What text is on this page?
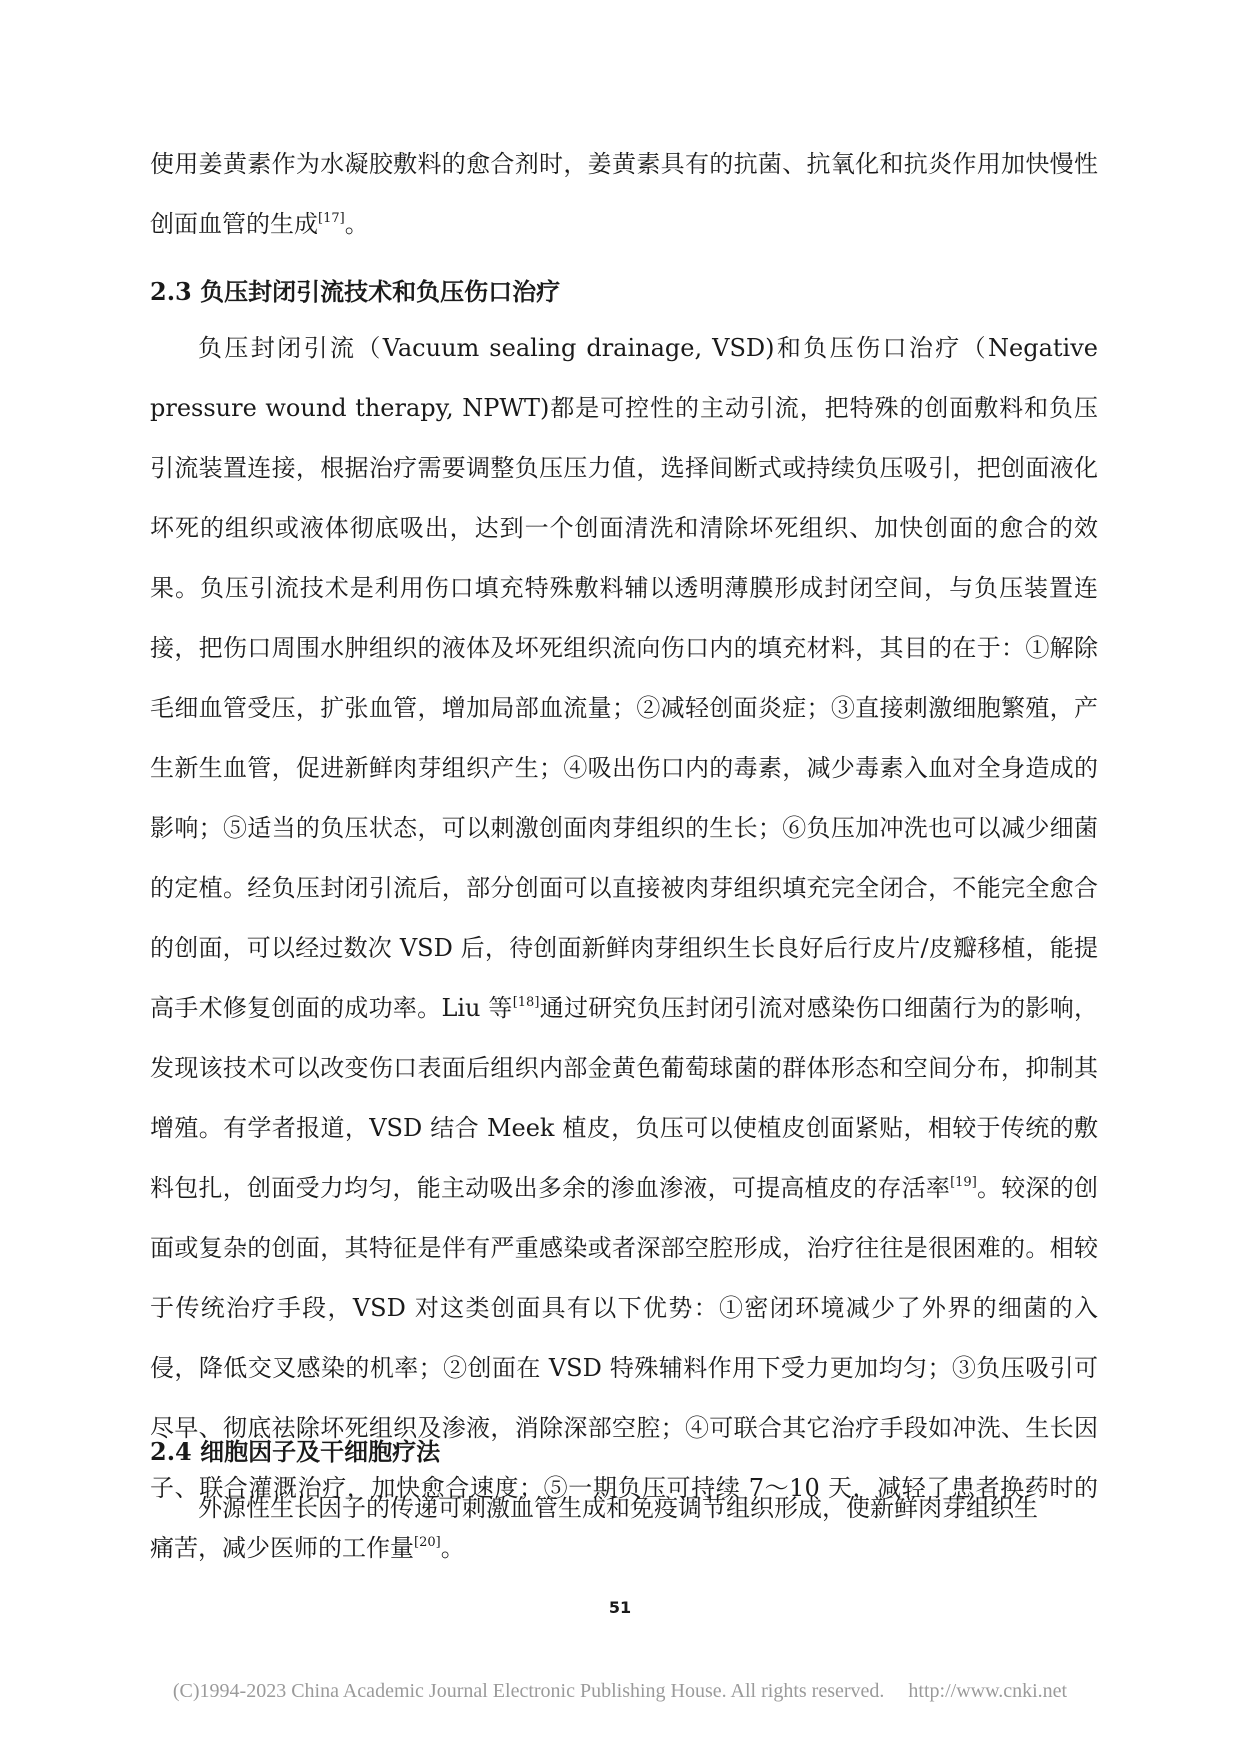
使用姜黄素作为水凝胶敷料的愈合剂时，姜黄素具有的抗菌、抗氧化和抗炎作用加快慢性创面血管的生成[17]。

2.3 负压封闭引流技术和负压伤口治疗

负压封闭引流（Vacuum sealing drainage, VSD)和负压伤口治疗（Negative pressure wound therapy, NPWT)都是可控性的主动引流，把特殊的创面敷料和负压引流装置连接，根据治疗需要调整负压压力值，选择间断式或持续负压吸引，把创面液化坏死的组织或液体彻底吸出，达到一个创面清洗和清除坏死组织、加快创面的愈合的效果。负压引流技术是利用伤口填充特殊敷料辅以透明薄膜形成封闭空间，与负压装置连接，把伤口周围水肿组织的液体及坏死组织流向伤口内的填充材料，其目的在于：①解除毛细血管受压，扩张血管，增加局部血流量；②减轻创面炎症；③直接刺激细胞繁殖，产生新生血管，促进新鲜肉芽组织产生；④吸出伤口内的毒素，减少毒素入血对全身造成的影响；⑤适当的负压状态，可以刺激创面肉芽组织的生长；⑥负压加冲洗也可以减少细菌的定植。经负压封闭引流后，部分创面可以直接被肉芽组织填充完全闭合，不能完全愈合的创面，可以经过数次 VSD 后，待创面新鲜肉芽组织生长良好后行皮片/皮瓣移植，能提高手术修复创面的成功率。Liu 等[18]通过研究负压封闭引流对感染伤口细菌行为的影响，发现该技术可以改变伤口表面后组织内部金黄色葡萄球菌的群体形态和空间分布，抑制其增殖。有学者报道，VSD 结合 Meek 植皮，负压可以使植皮创面紧贴，相较于传统的敷料包扎，创面受力均匀，能主动吸出多余的渗血渗液，可提高植皮的存活率[19]。较深的创面或复杂的创面，其特征是伴有严重感染或者深部空腔形成，治疗往往是很困难的。相较于传统治疗手段，VSD 对这类创面具有以下优势：①密闭环境减少了外界的细菌的入侵，降低交叉感染的机率；②创面在 VSD 特殊辅料作用下受力更加均匀；③负压吸引可尽早、彻底祛除坏死组织及渗液，消除深部空腔；④可联合其它治疗手段如冲洗、生长因子、联合灌溉治疗，加快愈合速度；⑤一期负压可持续 7～10 天，减轻了患者换药时的痛苦，减少医师的工作量[20]。

2.4 细胞因子及干细胞疗法

外源性生长因子的传递可刺激血管生成和免疫调节组织形成，使新鲜肉芽组织生

51
(C)1994-2023 China Academic Journal Electronic Publishing House. All rights reserved. http://www.cnki.net
